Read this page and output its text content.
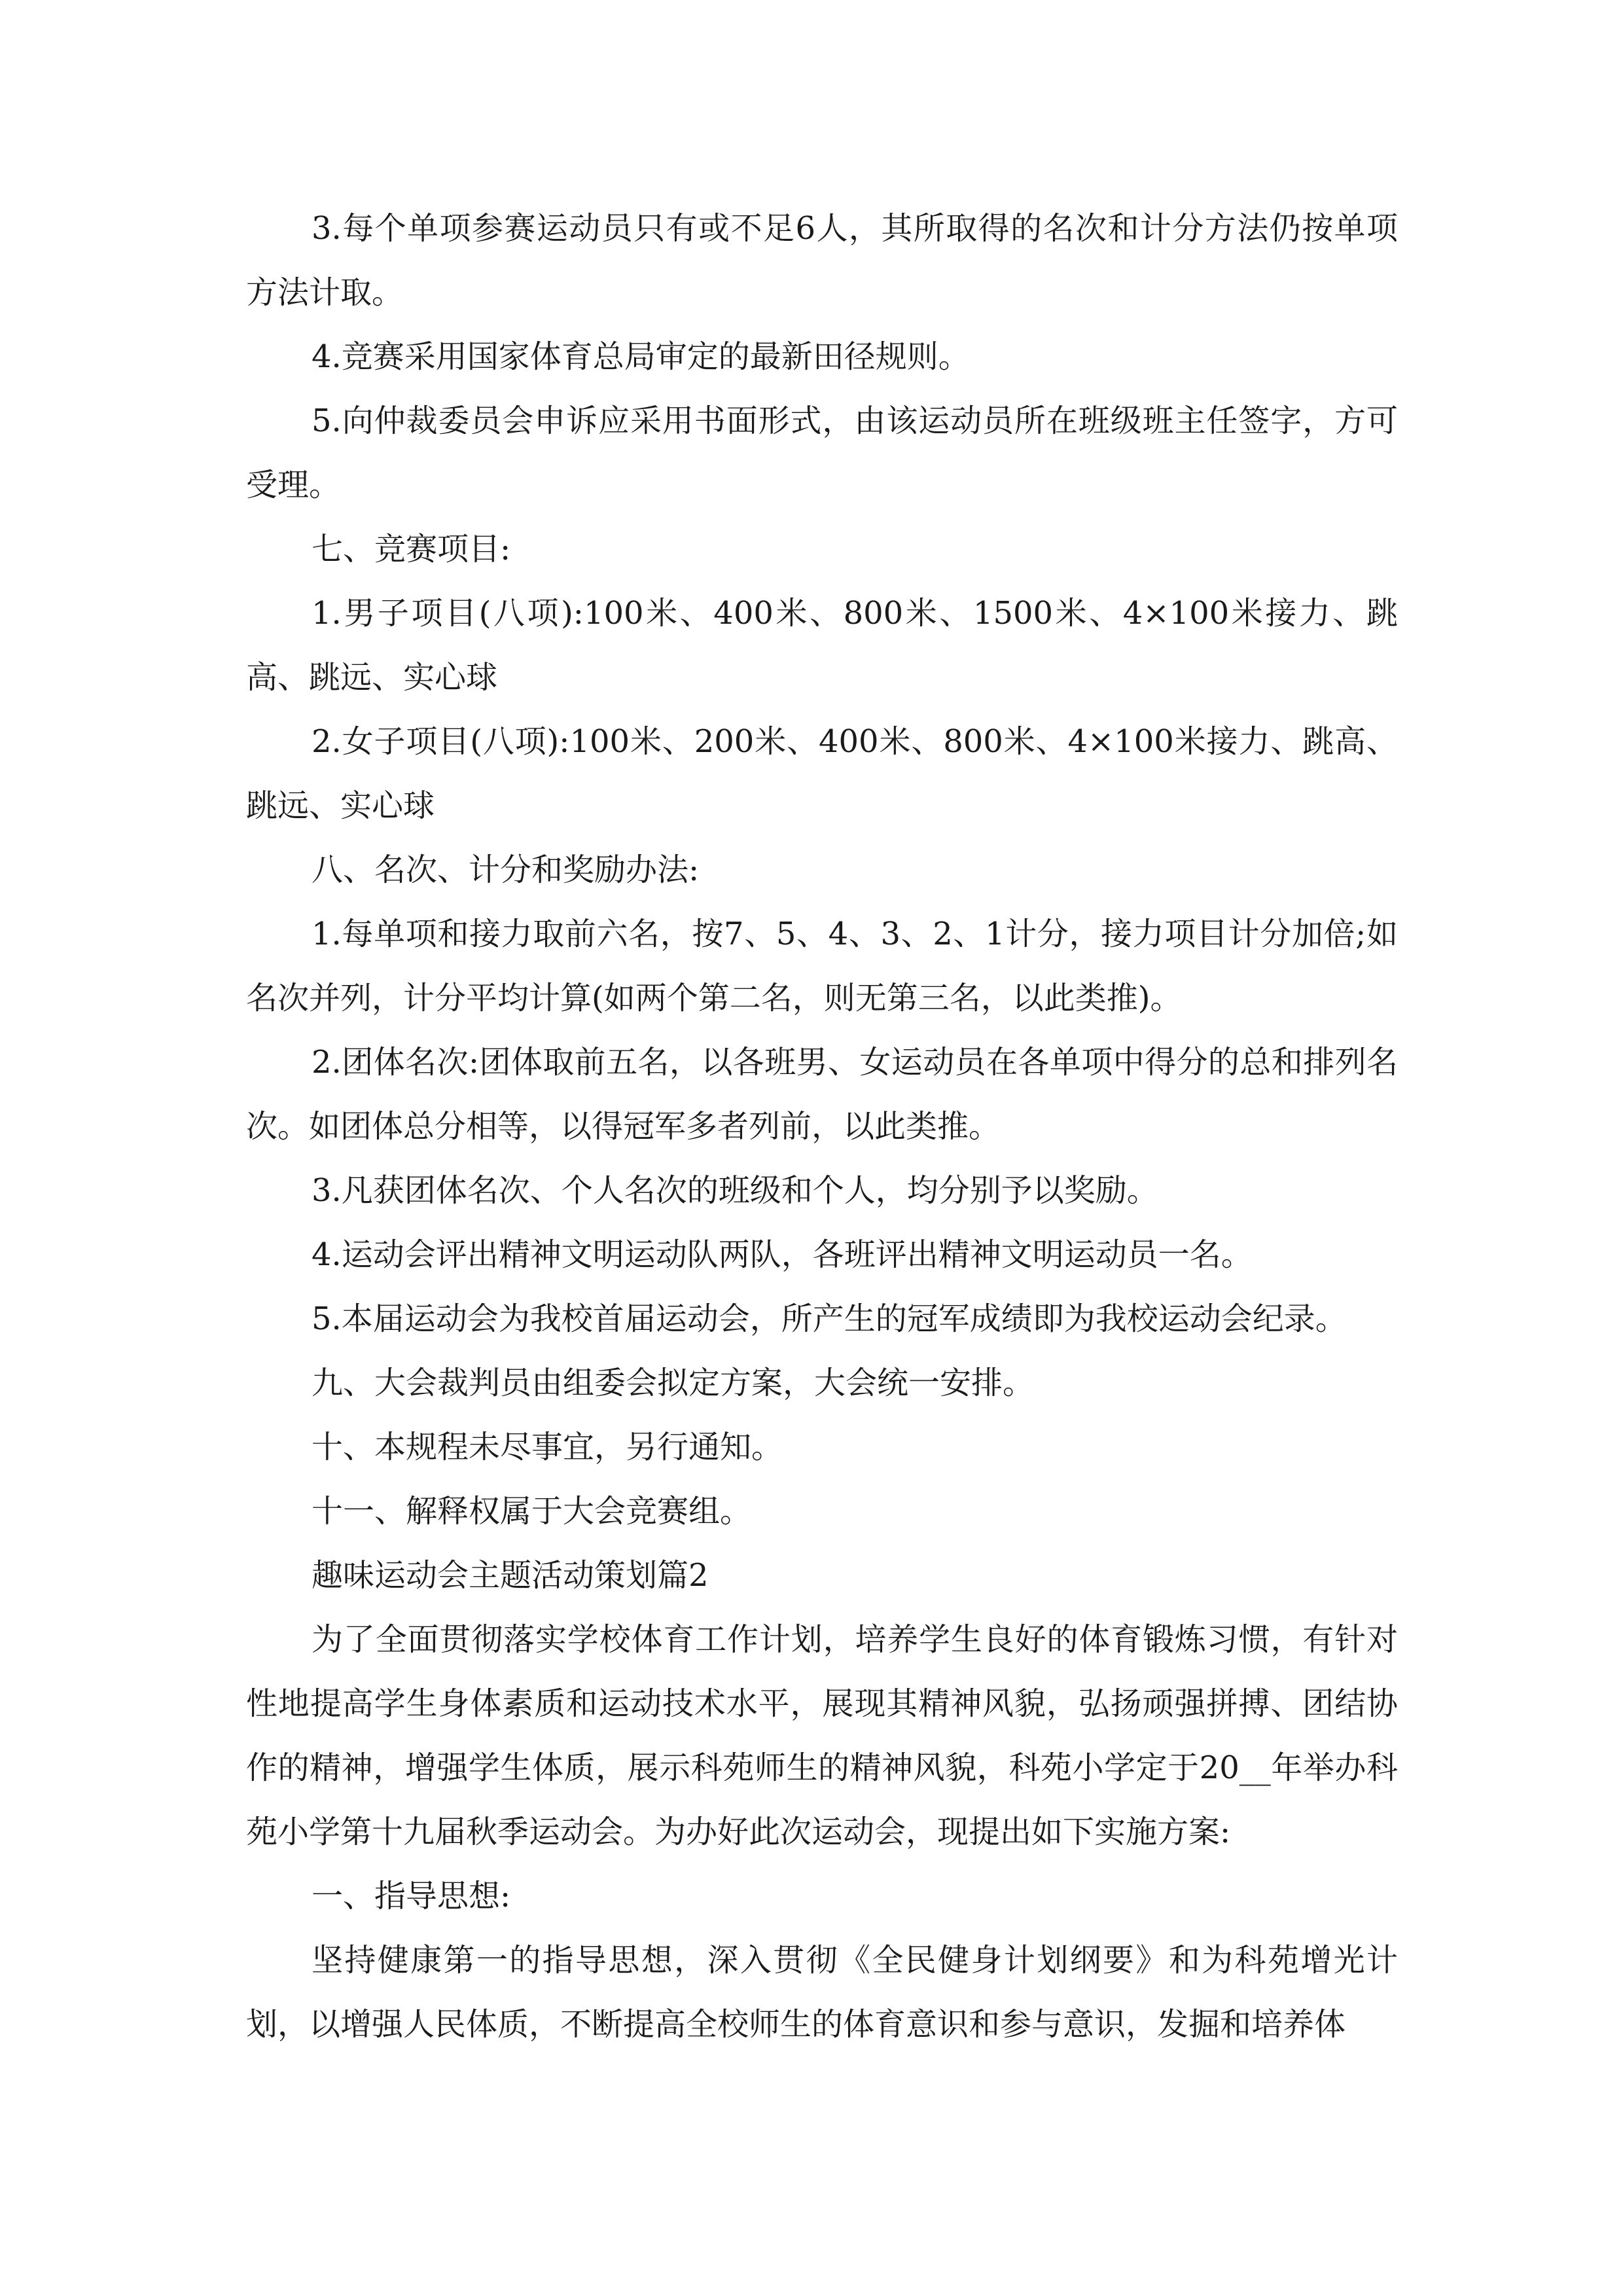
3.每个单项参赛运动员只有或不足6人，其所取得的名次和计分方法仍按单项方法计取。

4.竞赛采用国家体育总局审定的最新田径规则。

5.向仲裁委员会申诉应采用书面形式，由该运动员所在班级班主任签字，方可受理。

七、竞赛项目:

1.男子项目(八项):100米、400米、800米、1500米、4×100米接力、跳高、跳远、实心球

2.女子项目(八项):100米、200米、400米、800米、4×100米接力、跳高、跳远、实心球

八、名次、计分和奖励办法:

1.每单项和接力取前六名，按7、5、4、3、2、1计分，接力项目计分加倍;如名次并列，计分平均计算(如两个第二名，则无第三名，以此类推)。

2.团体名次:团体取前五名，以各班男、女运动员在各单项中得分的总和排列名次。如团体总分相等，以得冠军多者列前，以此类推。

3.凡获团体名次、个人名次的班级和个人，均分别予以奖励。

4.运动会评出精神文明运动队两队，各班评出精神文明运动员一名。

5.本届运动会为我校首届运动会，所产生的冠军成绩即为我校运动会纪录。

九、大会裁判员由组委会拟定方案，大会统一安排。

十、本规程未尽事宜，另行通知。

十一、解释权属于大会竞赛组。

趣味运动会主题活动策划篇2

为了全面贯彻落实学校体育工作计划，培养学生良好的体育锻炼习惯，有针对性地提高学生身体素质和运动技术水平，展现其精神风貌，弘扬顽强拼搏、团结协作的精神，增强学生体质，展示科苑师生的精神风貌，科苑小学定于20__年举办科苑小学第十九届秋季运动会。为办好此次运动会，现提出如下实施方案:

一、指导思想:

坚持健康第一的指导思想，深入贯彻《全民健身计划纲要》和为科苑增光计划，以增强人民体质，不断提高全校师生的体育意识和参与意识，发掘和培养体
